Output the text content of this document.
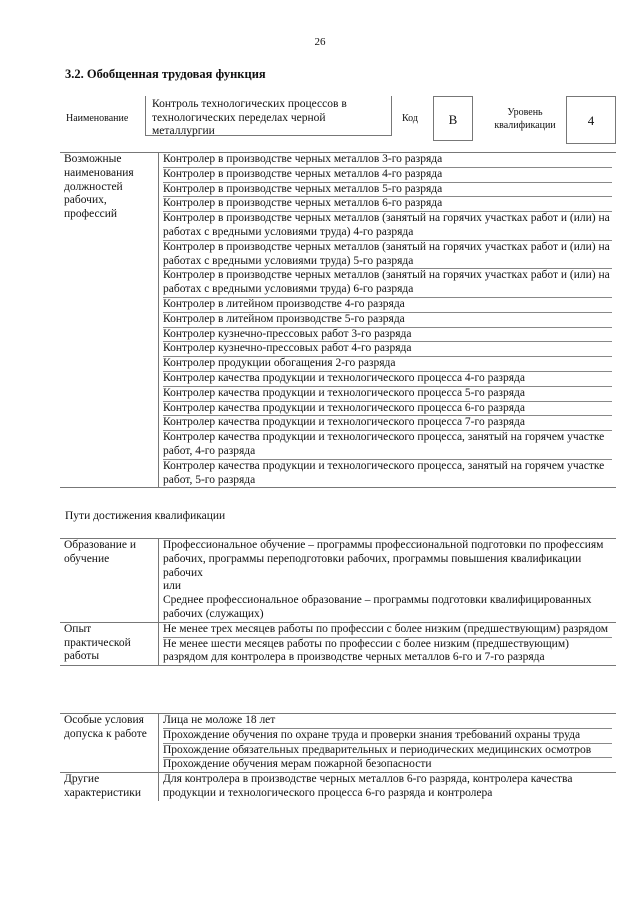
26
3.2. Обобщенная трудовая функция
Наименование
Контроль технологических процессов в технологических переделах черной металлургии
Код	В	Уровень квалификации	4
Возможные наименования должностей рабочих, профессий	
Контролер в производстве черных металлов 3-го разряда
Контролер в производстве черных металлов 4-го разряда
Контролер в производстве черных металлов 5-го разряда
Контролер в производстве черных металлов 6-го разряда
Контролер в производстве черных металлов (занятый на горячих участках работ и (или) на работах с вредными условиями труда) 4-го разряда
Контролер в производстве черных металлов (занятый на горячих участках работ и (или) на работах с вредными условиями труда) 5-го разряда
Контролер в производстве черных металлов (занятый на горячих участках работ и (или) на работах с вредными условиями труда) 6-го разряда
Контролер в литейном производстве 4-го разряда
Контролер в литейном производстве 5-го разряда
Контролер кузнечно-прессовых работ 3-го разряда
Контролер кузнечно-прессовых работ 4-го разряда
Контролер продукции обогащения 2-го разряда
Контролер качества продукции и технологического процесса 4-го разряда
Контролер качества продукции и технологического процесса 5-го разряда
Контролер качества продукции и технологического процесса 6-го разряда
Контролер качества продукции и технологического процесса 7-го разряда
Контролер качества продукции и технологического процесса, занятый на горячем участке работ, 4-го разряда
Контролер качества продукции и технологического процесса, занятый на горячем участке работ, 5-го разряда
Пути достижения квалификации
Образование и обучение	Профессиональное обучение – программы профессиональной подготовки по профессиям рабочих, программы переподготовки рабочих, программы повышения квалификации рабочих
или
Среднее профессиональное образование – программы подготовки квалифицированных рабочих (служащих)

Опыт практической работы	Не менее трех месяцев работы по профессии с более низким (предшествующим) разрядом
Не менее шести месяцев работы по профессии с более низким (предшествующим) разрядом для контролера в производстве черных металлов 6-го и 7-го разряда
Особые условия допуска к работе	Лица не моложе 18 лет
Прохождение обучения по охране труда и проверки знания требований охраны труда
Прохождение обязательных предварительных и периодических медицинских осмотров
Прохождение обучения мерам пожарной безопасности

Другие характеристики	Для контролера в производстве черных металлов 6-го разряда, контролера качества продукции и технологического процесса 6-го разряда и контролера
